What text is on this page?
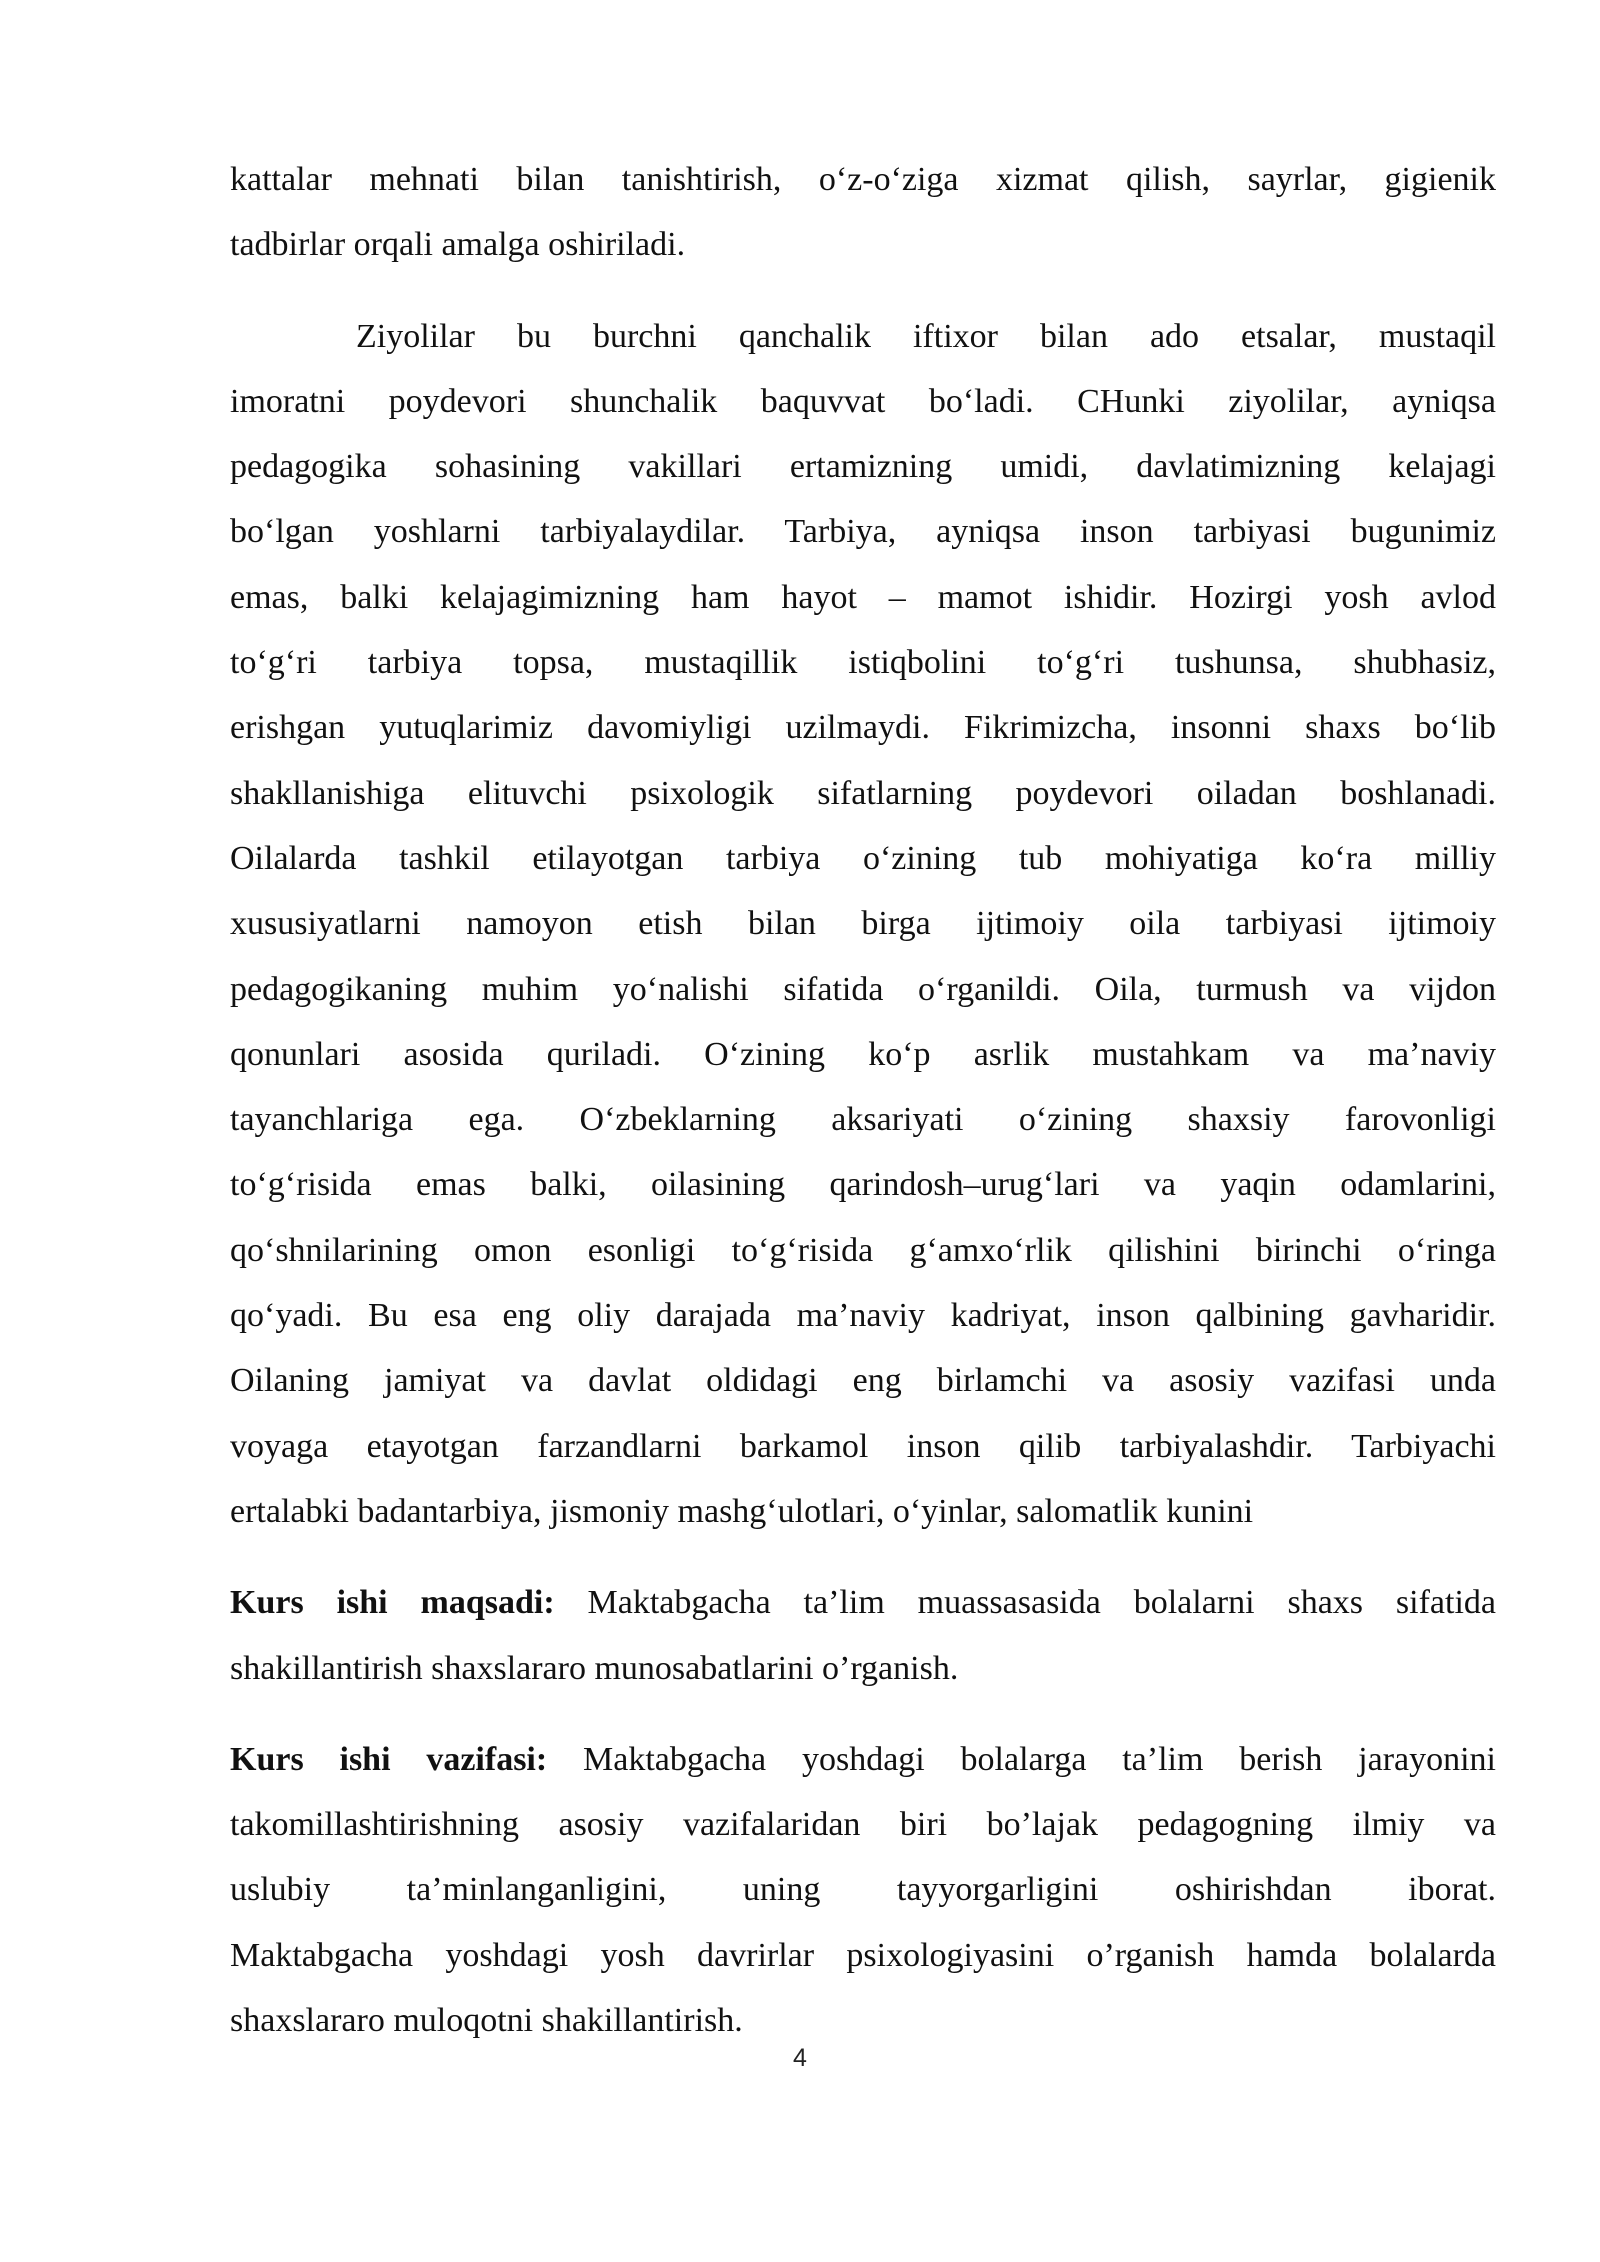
kattalar mehnati bilan tanishtirish, o‘z-o‘ziga xizmat qilish, sayrlar, gigienik
tadbirlar orqali amalga oshiriladi.
Ziyolilar bu burchni qanchalik iftixor bilan ado etsalar, mustaqil
imoratni poydevori shunchalik baquvvat bo‘ladi. CHunki ziyolilar, ayniqsa
pedagogika sohasining vakillari ertamizning umidi, davlatimizning kelajagi
bo‘lgan yoshlarni tarbiyalaydilar. Tarbiya, ayniqsa inson tarbiyasi bugunimiz
emas, balki kelajagimizning ham hayot – mamot ishidir. Hozirgi yosh avlod
to‘g‘ri tarbiya topsa, mustaqillik istiqbolini to‘g‘ri tushunsa, shubhasiz,
erishgan yutuqlarimiz davomiyligi uzilmaydi. Fikrimizcha, insonni shaxs bo‘lib
shakllanishiga elituvchi psixologik sifatlarning poydevori oiladan boshlanadi.
Oilalarda tashkil etilayotgan tarbiya o‘zining tub mohiyatiga ko‘ra milliy
xususiyatlarni namoyon etish bilan birga ijtimoiy oila tarbiyasi ijtimoiy
pedagogikaning muhim yo‘nalishi sifatida o‘rganildi. Oila, turmush va vijdon
qonunlari asosida quriladi. O‘zining ko‘p asrlik mustahkam va ma’naviy
tayanchlariga ega. O‘zbeklarning aksariyati o‘zining shaxsiy farovonligi
to‘g‘risida emas balki, oilasining qarindosh–urug‘lari va yaqin odamlarini,
qo‘shnilarining omon esonligi to‘g‘risida g‘amxo‘rlik qilishini birinchi o‘ringa
qo‘yadi. Bu esa eng oliy darajada ma’naviy kadriyat, inson qalbining gavharidir.
Oilaning jamiyat va davlat oldidagi eng birlamchi va asosiy vazifasi unda
voyaga etayotgan farzandlarni barkamol inson qilib tarbiyalashdir. Tarbiyachi
ertalabki badantarbiya, jismoniy mashg‘ulotlari, o‘yinlar, salomatlik kunini
Kurs ishi maqsadi: Maktabgacha ta’lim muassasasida bolalarni shaxs sifatida
shakillantirish shaxslararo munosabatlarini o’rganish.
Kurs ishi vazifasi: Maktabgacha yoshdagi bolalarga ta’lim berish jarayonini
takomillashtirishning asosiy vazifalaridan biri bo’lajak pedagogning ilmiy va
uslubiy ta’minlanganligini, uning tayyorgarligini oshirishdan iborat.
Maktabgacha yoshdagi yosh davrirlar psixologiyasini o’rganish hamda bolalarda
shaxslararo muloqotni shakillantirish.
4
